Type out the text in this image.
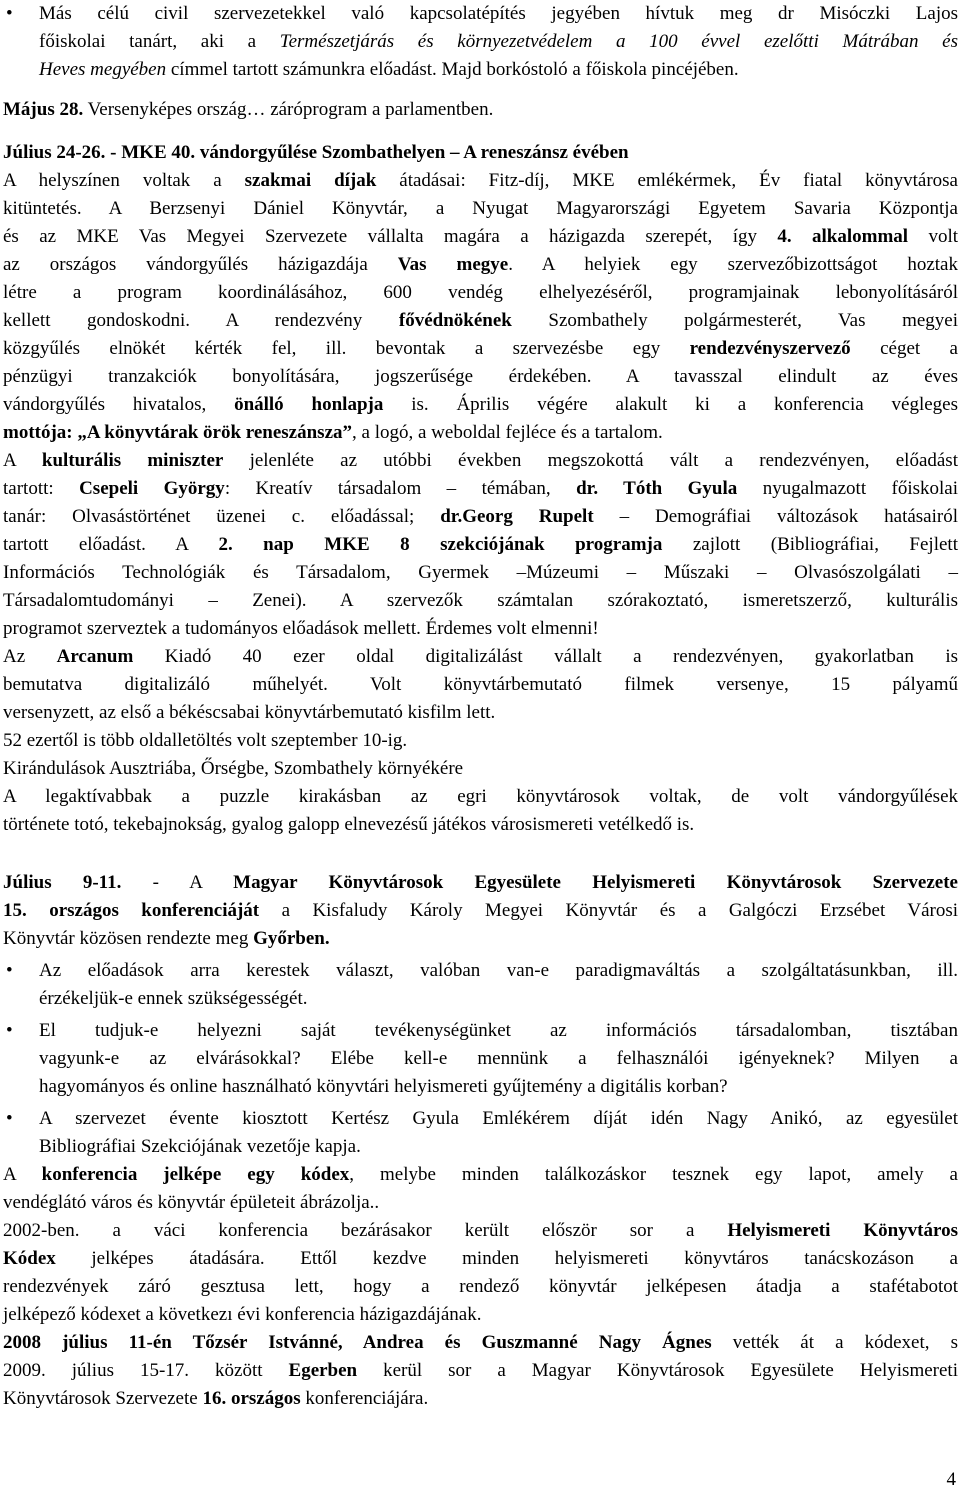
• Más célú civil szervezetekkel való kapcsolatépítés jegyében hívtuk meg dr Misóczki Lajos
főiskolai tanárt, aki a Természetjárás és környezetvédelem a 100 évvel ezelőtti Mátrában és
Heves megyében címmel tartott számunkra előadást. Majd borkóstoló a főiskola pincéjében.
Május 28. Versenyképes ország… záróprogram a parlamentben.
Július 24-26. - MKE 40. vándorgyűlése Szombathelyen – A reneszánsz évében
A helyszínen voltak a szakmai díjak átadásai: Fitz-díj, MKE emlékérmek, Év fiatal könyvtárosa
kitüntetés. A Berzsenyi Dániel Könyvtár, a Nyugat Magyarországi Egyetem Savaria Központja
és az MKE Vas Megyei Szervezete vállalta magára a házigazda szerepét, így 4. alkalommal volt
az országos vándorgyűlés házigazdája Vas megye. A helyiek egy szervezőbizottságot hoztak
létre a program koordinálásához, 600 vendég elhelyezéséről, programjainak lebonyolításáról
kellett gondoskodni. A rendezvény fővédnökének Szombathely polgármesterét, Vas megyei
közgyűlés elnökét kérték fel, ill. bevontak a szervezésbe egy rendezvényszervező céget a
pénzügyi tranzakciók bonyolítására, jogszerűsége érdekében. A tavasszal elindult az éves
vándorgyűlés hivatalos, önálló honlapja is. Április végére alakult ki a konferencia végleges
mottója: „A könyvtárak örök reneszánsza”, a logó, a weboldal fejléce és a tartalom.
A kulturális miniszter jelenléte az utóbbi években megszokottá vált a rendezvényen, előadást
tartott: Csepeli György: Kreatív társadalom – témában, dr. Tóth Gyula nyugalmazott főiskolai
tanár: Olvasástörténet üzenei c. előadással; dr.Georg Rupelt – Demográfiai változások hatásairól
tartott előadást. A 2. nap MKE 8 szekciójának programja zajlott (Bibliográfiai, Fejlett
Információs Technológiák és Társadalom, Gyermek –Múzeumi – Műszaki – Olvasószolgálati –
Társadalomtudományi – Zenei). A szervezők számtalan szórakoztató, ismeretszerző, kulturális
programot szerveztek a tudományos előadások mellett. Érdemes volt elmenni!
Az Arcanum Kiadó 40 ezer oldal digitalizálást vállalt a rendezvényen, gyakorlatban is
bemutatva digitalizáló műhelyét. Volt könyvtárbemutató filmek versenye, 15 pályamű
versenyzett, az első a békéscsabai könyvtárbemutató kisfilm lett.
52 ezertől is több oldalletöltés volt szeptember 10-ig.
Kirándulások Ausztriába, Őrségbe, Szombathely környékére
A legaktívabbak a puzzle kirakásban az egri könyvtárosok voltak, de volt vándorgyűlések
története totó, tekebajnokság, gyalog galopp elnevezésű játékos városismereti vetélkedő is.
Július 9-11. - A Magyar Könyvtárosok Egyesülete Helyismereti Könyvtárosok Szervezete
15. országos konferenciáját a Kisfaludy Károly Megyei Könyvtár és a Galgóczi Erzsébet Városi
Könyvtár közösen rendezte meg Győrben.
• Az előadások arra kerestek választ, valóban van-e paradigmaváltás a szolgáltatásunkban, ill.
érzékeljük-e ennek szükségességét.
• El tudjuk-e helyezni saját tevékenységünket az információs társadalomban, tisztában
vagyunk-e az elvárásokkal? Elébe kell-e mennünk a felhasználói igényeknek? Milyen a
hagyományos és online használható könyvtári helyismereti gyűjtemény a digitális korban?
• A szervezet évente kiosztott Kertész Gyula Emlékérem díját idén Nagy Anikó, az egyesület
Bibliográfiai Szekciójának vezetője kapja.
A konferencia jelképe egy kódex, melybe minden találkozáskor tesznek egy lapot, amely a
vendéglátó város és könyvtár épületeit ábrázolja..
2002-ben. a váci konferencia bezárásakor került először sor a Helyismereti Könyvtáros
Kódex jelképes átadására. Ettől kezdve minden helyismereti könyvtáros tanácskozáson a
rendezvények záró gesztusa lett, hogy a rendező könyvtár jelképesen átadja a stafétabotot
jelképező kódexet a következı évi konferencia házigazdájának.
2008 július 11-én Tőzsér Istvánné, Andrea és Guszmanné Nagy Ágnes vették át a kódexet, s
2009. július 15-17. között Egerben kerül sor a Magyar Könyvtárosok Egyesülete Helyismereti
Könyvtárosok Szervezete 16. országos konferenciájára.
4
